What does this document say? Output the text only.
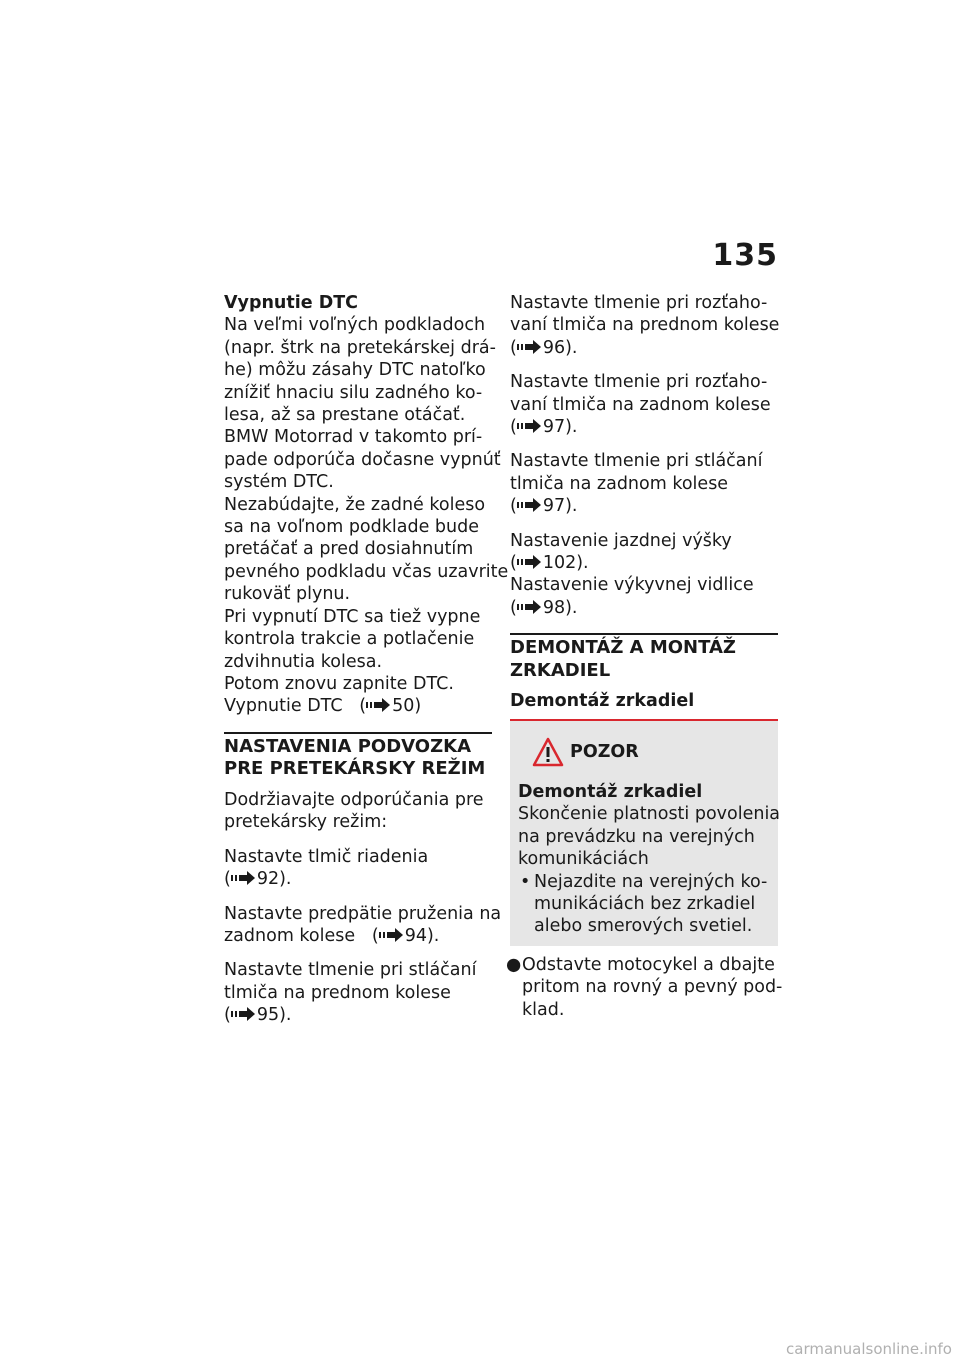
135
Vypnutie DTC
Na veľmi voľných podkladoch
(napr. štrk na pretekárskej drá-
he) môžu zásahy DTC natoľko
znížiť hnaciu silu zadného ko-
lesa, až sa prestane otáčať.
BMW Motorrad v takomto prí-
pade odporúča dočasne vypnúť
systém DTC.
Nezabúdajte, že zadné koleso
sa na voľnom podklade bude
pretáčať a pred dosiahnutím
pevného podkladu včas uzavrite
rukoväť plynu.
Pri vypnutí DTC sa tiež vypne
kontrola trakcie a potlačenie
zdvihnutia kolesa.
Potom znovu zapnite DTC.
Vypnutie DTC   ( 50)
NASTAVENIA PODVOZKA
PRE PRETEKÁRSKY REŽIM
Dodržiavajte odporúčania pre
pretekársky režim:
Nastavte tlmič riadenia
( 92).
Nastavte predpätie pruženia na
zadnom kolese ( 94).
Nastavte tlmenie pri stláčaní
tlmiča na prednom kolese
( 95).
Nastavte tlmenie pri rozťaho-
vaní tlmiča na prednom kolese
( 96).
Nastavte tlmenie pri rozťaho-
vaní tlmiča na zadnom kolese
( 97).
Nastavte tlmenie pri stláčaní
tlmiča na zadnom kolese
( 97).
Nastavenie jazdnej výšky
( 102).
Nastavenie výkyvnej vidlice
( 98).
DEMONTÁŽ A MONTÁŽ
ZRKADIEL
Demontáž zrkadiel
POZOR
Demontáž zrkadiel
Skončenie platnosti povolenia
na prevádzku na verejných
komunikáciách
• Nejazdite na verejných ko-
munikáciách bez zrkadiel
alebo smerových svetiel.
● Odstavte motocykel a dbajte
pritom na rovný a pevný pod-
klad.
carmanualsonline.info
